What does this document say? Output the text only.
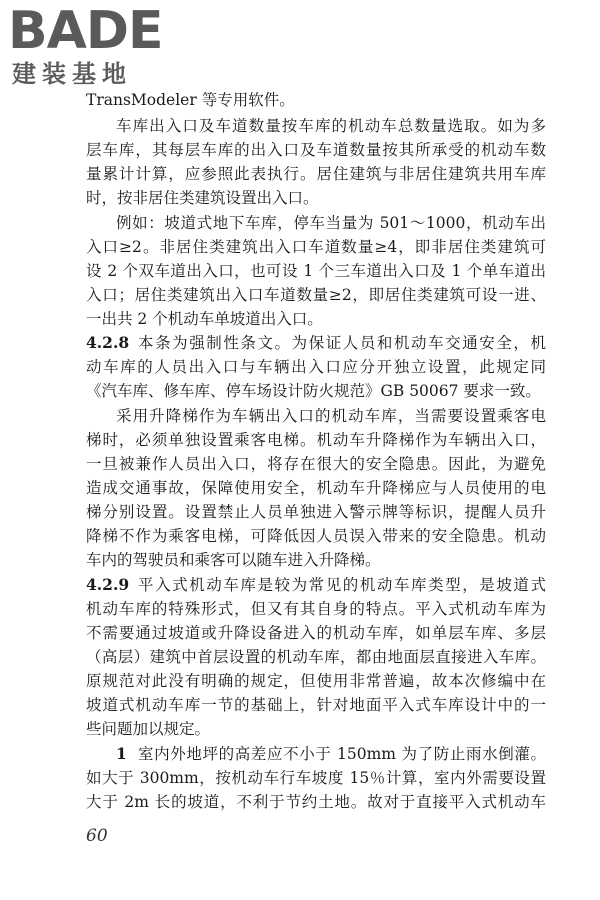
BADE
建装基地
TransModeler 等专用软件。
车库出入口及车道数量按车库的机动车总数量选取。如为多
层车库，其每层车库的出入口及车道数量按其所承受的机动车数
量累计计算，应参照此表执行。居住建筑与非居住建筑共用车库
时，按非居住类建筑设置出入口。
例如：坡道式地下车库，停车当量为 501～1000，机动车出
入口≥2。非居住类建筑出入口车道数量≥4，即非居住类建筑可
设 2 个双车道出入口，也可设 1 个三车道出入口及 1 个单车道出
入口；居住类建筑出入口车道数量≥2，即居住类建筑可设一进、
一出共 2 个机动车单坡道出入口。
4.2.8 本条为强制性条文。为保证人员和机动车交通安全，机
动车库的人员出入口与车辆出入口应分开独立设置，此规定同
《汽车库、修车库、停车场设计防火规范》GB 50067 要求一致。
采用升降梯作为车辆出入口的机动车库，当需要设置乘客电
梯时，必须单独设置乘客电梯。机动车升降梯作为车辆出入口，
一旦被兼作人员出入口，将存在很大的安全隐患。因此，为避免
造成交通事故，保障使用安全，机动车升降梯应与人员使用的电
梯分别设置。设置禁止人员单独进入警示牌等标识，提醒人员升
降梯不作为乘客电梯，可降低因人员误入带来的安全隐患。机动
车内的驾驶员和乘客可以随车进入升降梯。
4.2.9 平入式机动车库是较为常见的机动车库类型，是坡道式
机动车库的特殊形式，但又有其自身的特点。平入式机动车库为
不需要通过坡道或升降设备进入的机动车库，如单层车库、多层
（高层）建筑中首层设置的机动车库，都由地面层直接进入车库。
原规范对此没有明确的规定，但使用非常普遍，故本次修编中在
坡道式机动车库一节的基础上，针对地面平入式车库设计中的一
些问题加以规定。
1 室内外地坪的高差应不小于 150mm 为了防止雨水倒灌。
如大于 300mm，按机动车行车坡度 15％计算，室内外需要设置
大于 2m 长的坡道，不利于节约土地。故对于直接平入式机动车
60
